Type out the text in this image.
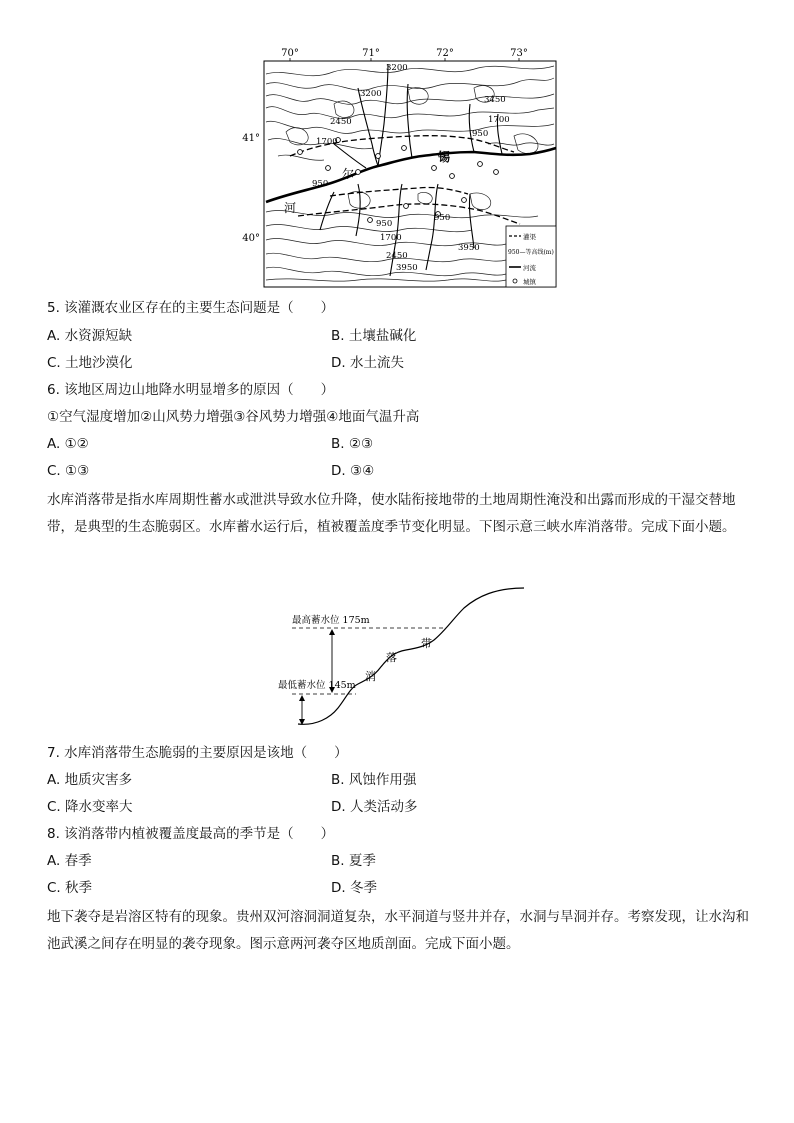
70°	71°	72°	73°
41°
40°
3200
3200
3450
2450
1700
950
950
1700
950
950
1700
2450
3950
3950
锡
尔
河
灌渠
950—等高线(m)
河流
城镇
5. 该灌溉农业区存在的主要生态问题是（　　）
A. 水资源短缺	B. 土壤盐碱化
C. 土地沙漠化	D. 水土流失
6. 该地区周边山地降水明显增多的原因（　　）
①空气湿度增加②山风势力增强③谷风势力增强④地面气温升高
A. ①②	B. ②③
C. ①③	D. ③④
水库消落带是指水库周期性蓄水或泄洪导致水位升降，使水陆衔接地带的土地周期性淹没和出露而形成的干湿交替地带，是典型的生态脆弱区。水库蓄水运行后，植被覆盖度季节变化明显。下图示意三峡水库消落带。完成下面小题。
最高蓄水位 175m
最低蓄水位 145m
消
落
带
7. 水库消落带生态脆弱的主要原因是该地（　　）
A. 地质灾害多	B. 风蚀作用强
C. 降水变率大	D. 人类活动多
8. 该消落带内植被覆盖度最高的季节是（　　）
A. 春季	B. 夏季
C. 秋季	D. 冬季
地下袭夺是岩溶区特有的现象。贵州双河溶洞洞道复杂，水平洞道与竖井并存，水洞与旱洞并存。考察发现，让水沟和池武溪之间存在明显的袭夺现象。图示意两河袭夺区地质剖面。完成下面小题。
